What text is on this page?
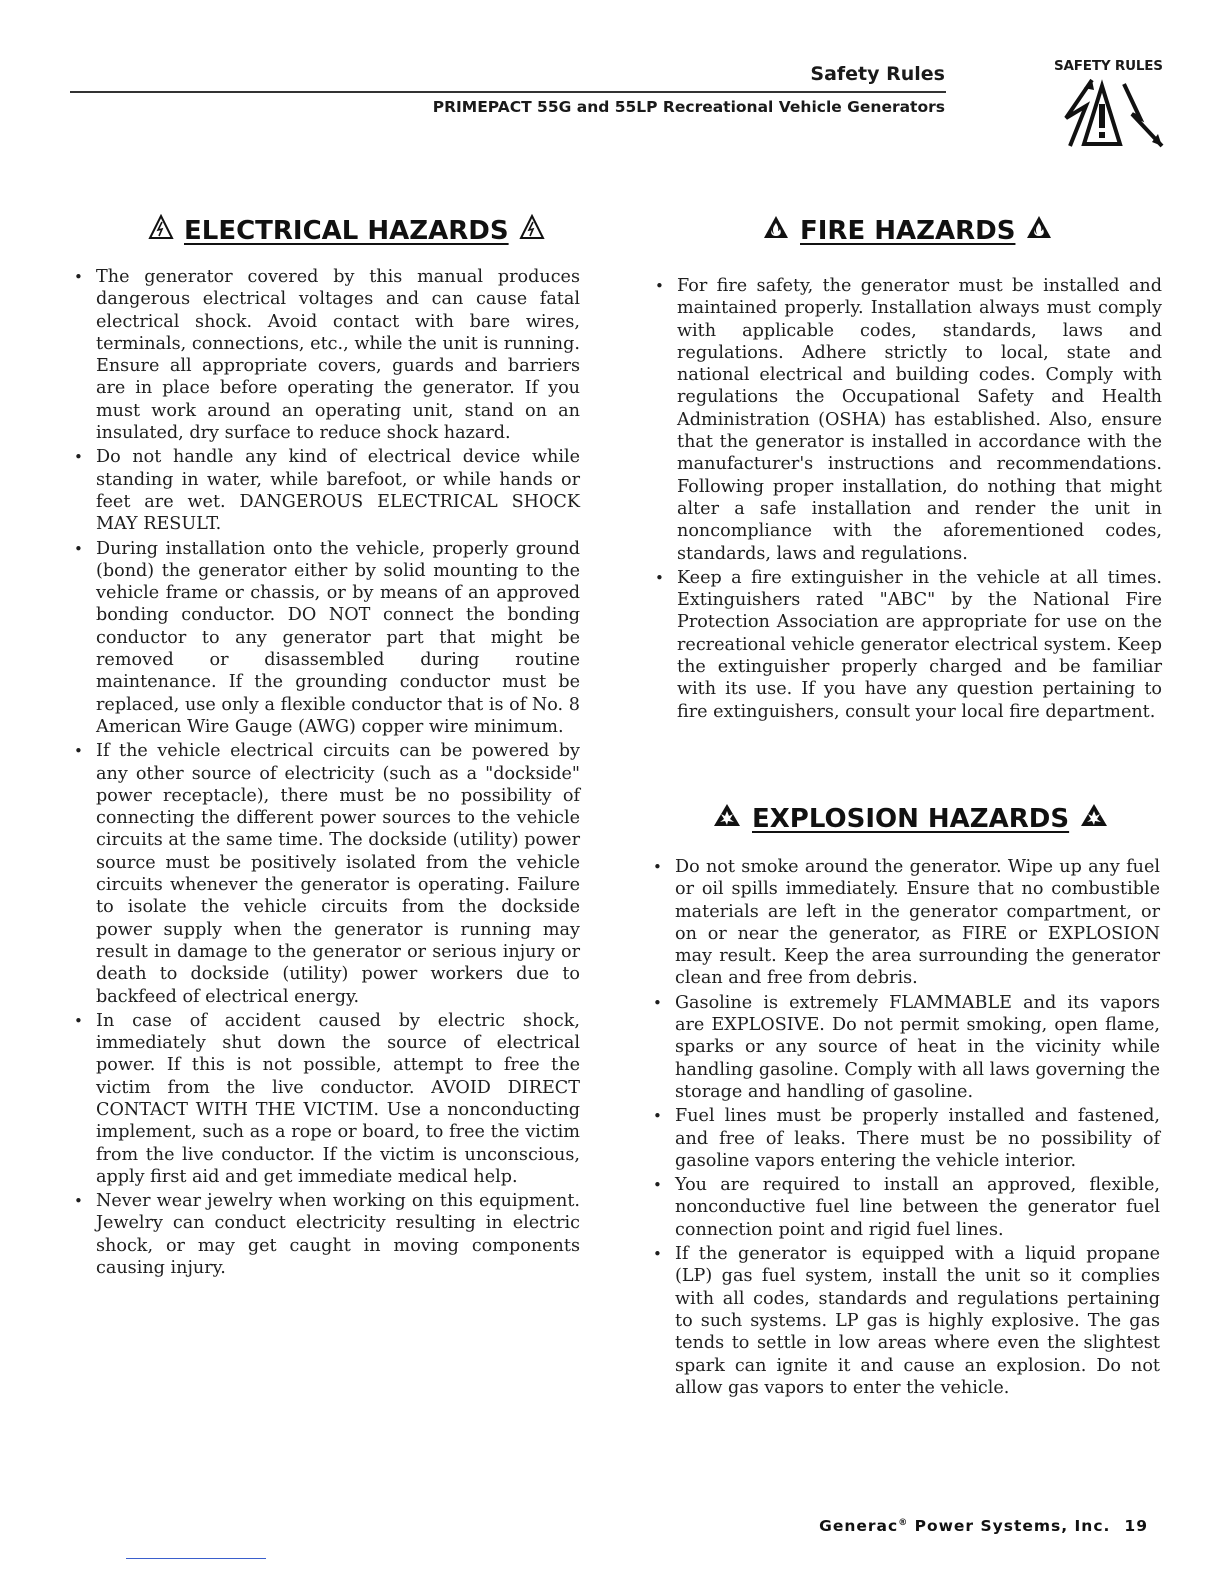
Safety Rules
PRIMEPACT 55G and 55LP Recreational Vehicle Generators
SAFETY RULES
ELECTRICAL HAZARDS
• The generator covered by this manual produces dangerous electrical voltages and can cause fatal electrical shock. Avoid contact with bare wires, terminals, connections, etc., while the unit is running. Ensure all appropriate covers, guards and barriers are in place before operating the generator. If you must work around an operating unit, stand on an insulated, dry surface to reduce shock hazard.
• Do not handle any kind of electrical device while standing in water, while barefoot, or while hands or feet are wet. DANGEROUS ELECTRICAL SHOCK MAY RESULT.
• During installation onto the vehicle, properly ground (bond) the generator either by solid mounting to the vehicle frame or chassis, or by means of an approved bonding conductor. DO NOT connect the bonding conductor to any generator part that might be removed or disassembled during routine maintenance. If the grounding conductor must be replaced, use only a flexible conductor that is of No. 8 American Wire Gauge (AWG) copper wire minimum.
• If the vehicle electrical circuits can be powered by any other source of electricity (such as a "dockside" power receptacle), there must be no possibility of connecting the different power sources to the vehicle circuits at the same time. The dockside (utility) power source must be positively isolated from the vehicle circuits whenever the generator is operating. Failure to isolate the vehicle circuits from the dockside power supply when the generator is running may result in damage to the generator or serious injury or death to dockside (utility) power workers due to backfeed of electrical energy.
• In case of accident caused by electric shock, immediately shut down the source of electrical power. If this is not possible, attempt to free the victim from the live conductor. AVOID DIRECT CONTACT WITH THE VICTIM. Use a nonconducting implement, such as a rope or board, to free the victim from the live conductor. If the victim is unconscious, apply first aid and get immediate medical help.
• Never wear jewelry when working on this equipment. Jewelry can conduct electricity resulting in electric shock, or may get caught in moving components causing injury.
FIRE HAZARDS
• For fire safety, the generator must be installed and maintained properly. Installation always must comply with applicable codes, standards, laws and regulations. Adhere strictly to local, state and national electrical and building codes. Comply with regulations the Occupational Safety and Health Administration (OSHA) has established. Also, ensure that the generator is installed in accordance with the manufacturer's instructions and recommendations. Following proper installation, do nothing that might alter a safe installation and render the unit in noncompliance with the aforementioned codes, standards, laws and regulations.
• Keep a fire extinguisher in the vehicle at all times. Extinguishers rated "ABC" by the National Fire Protection Association are appropriate for use on the recreational vehicle generator electrical system. Keep the extinguisher properly charged and be familiar with its use. If you have any question pertaining to fire extinguishers, consult your local fire department.
EXPLOSION HAZARDS
• Do not smoke around the generator. Wipe up any fuel or oil spills immediately. Ensure that no combustible materials are left in the generator compartment, or on or near the generator, as FIRE or EXPLOSION may result. Keep the area surrounding the generator clean and free from debris.
• Gasoline is extremely FLAMMABLE and its vapors are EXPLOSIVE. Do not permit smoking, open flame, sparks or any source of heat in the vicinity while handling gasoline. Comply with all laws governing the storage and handling of gasoline.
• Fuel lines must be properly installed and fastened, and free of leaks. There must be no possibility of gasoline vapors entering the vehicle interior.
• You are required to install an approved, flexible, nonconductive fuel line between the generator fuel connection point and rigid fuel lines.
• If the generator is equipped with a liquid propane (LP) gas fuel system, install the unit so it complies with all codes, standards and regulations pertaining to such systems. LP gas is highly explosive. The gas tends to settle in low areas where even the slightest spark can ignite it and cause an explosion. Do not allow gas vapors to enter the vehicle.
Generac® Power Systems, Inc. 19
